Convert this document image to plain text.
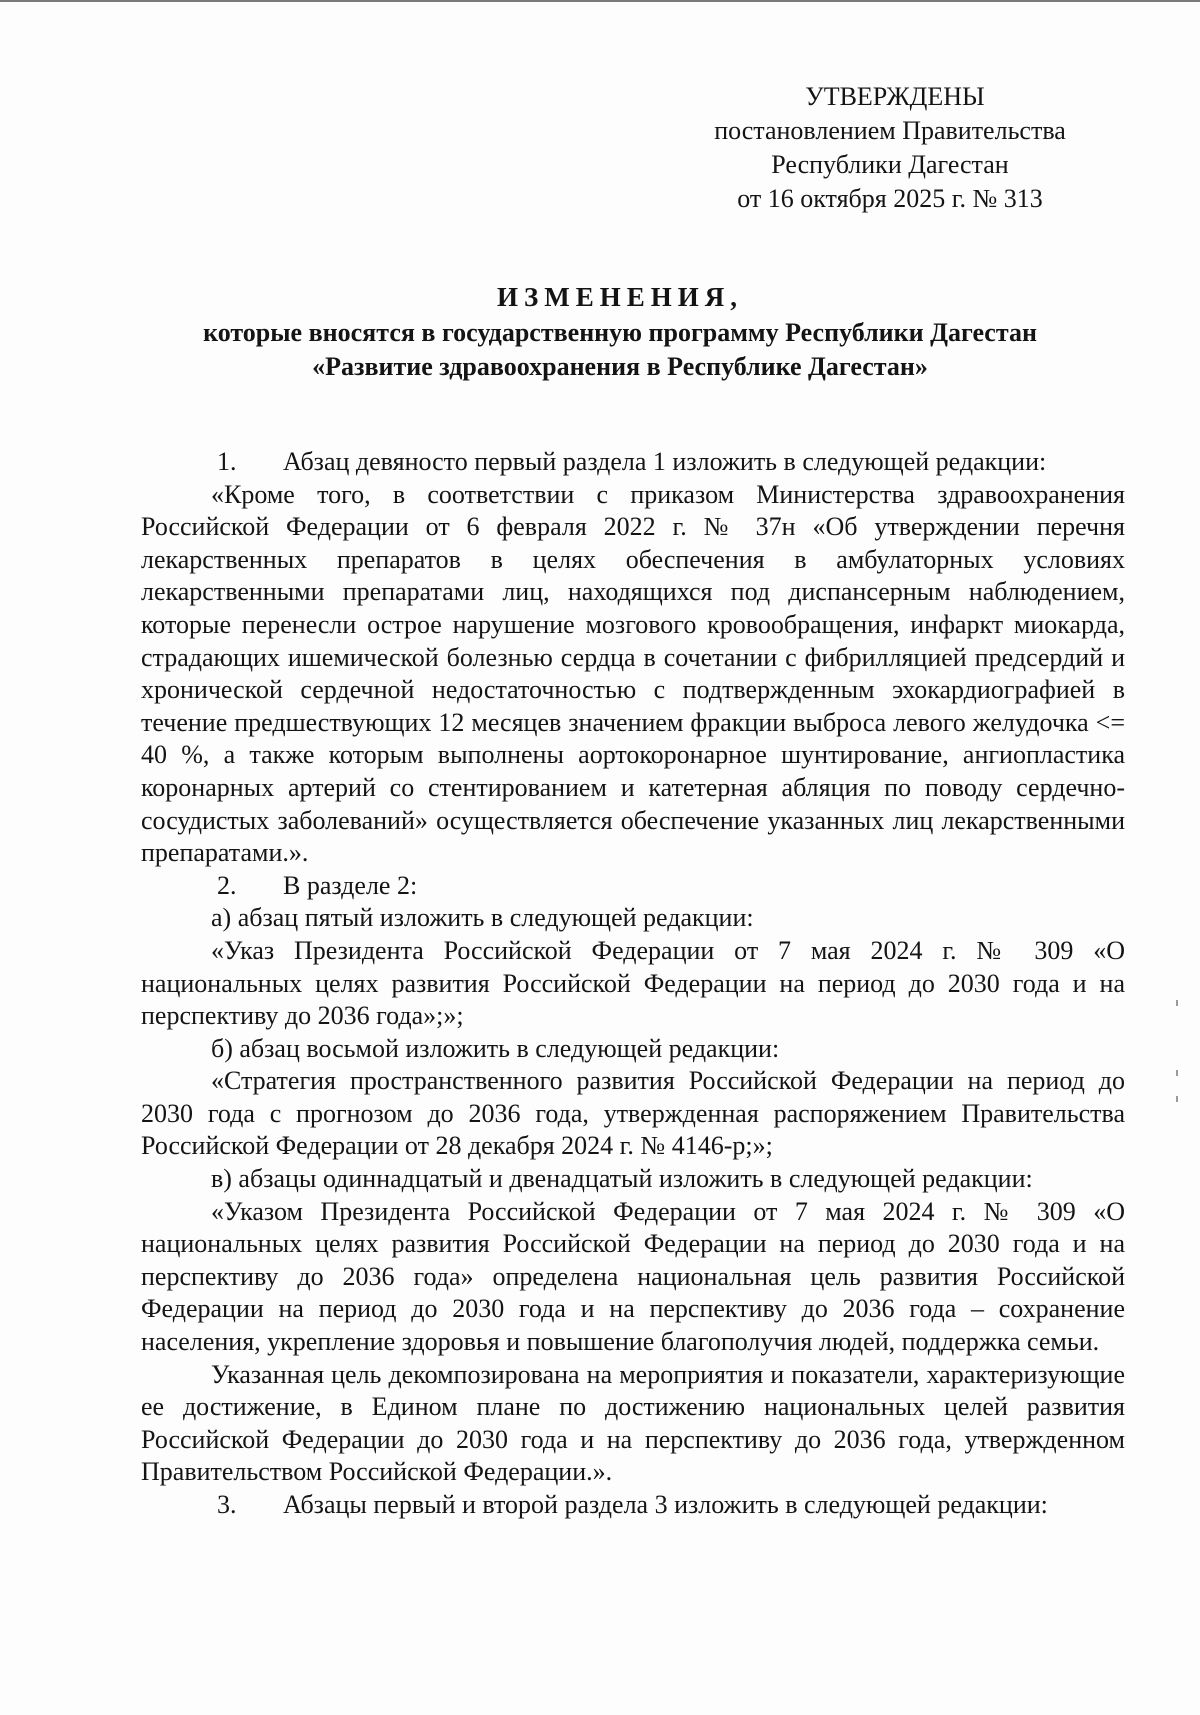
УТВЕРЖДЕНЫ
постановлением Правительства
Республики Дагестан
от 16 октября 2025 г. № 313
ИЗМЕНЕНИЯ,
которые вносятся в государственную программу Республики Дагестан
«Развитие здравоохранения в Республике Дагестан»

1. Абзац девяносто первый раздела 1 изложить в следующей редакции:

«Кроме того, в соответствии с приказом Министерства здравоохранения Российской Федерации от 6 февраля 2022 г. № 37н «Об утверждении перечня лекарственных препаратов в целях обеспечения в амбулаторных условиях лекарственными препаратами лиц, находящихся под диспансерным наблюдением, которые перенесли острое нарушение мозгового кровообращения, инфаркт миокарда, страдающих ишемической болезнью сердца в сочетании с фибрилляцией предсердий и хронической сердечной недостаточностью с подтвержденным эхокардиографией в течение предшествующих 12 месяцев значением фракции выброса левого желудочка <= 40 %, а также которым выполнены аортокоронарное шунтирование, ангиопластика коронарных артерий со стентированием и катетерная абляция по поводу сердечно-сосудистых заболеваний» осуществляется обеспечение указанных лиц лекарственными препаратами.».

2. В разделе 2:

а) абзац пятый изложить в следующей редакции:

«Указ Президента Российской Федерации от 7 мая 2024 г. № 309 «О национальных целях развития Российской Федерации на период до 2030 года и на перспективу до 2036 года»;»;

б) абзац восьмой изложить в следующей редакции:

«Стратегия пространственного развития Российской Федерации на период до 2030 года с прогнозом до 2036 года, утвержденная распоряжением Правительства Российской Федерации от 28 декабря 2024 г. № 4146-р;»;

в) абзацы одиннадцатый и двенадцатый изложить в следующей редакции:

«Указом Президента Российской Федерации от 7 мая 2024 г. № 309 «О национальных целях развития Российской Федерации на период до 2030 года и на перспективу до 2036 года» определена национальная цель развития Российской Федерации на период до 2030 года и на перспективу до 2036 года – сохранение населения, укрепление здоровья и повышение благополучия людей, поддержка семьи.

Указанная цель декомпозирована на мероприятия и показатели, характеризующие ее достижение, в Едином плане по достижению национальных целей развития Российской Федерации до 2030 года и на перспективу до 2036 года, утвержденном Правительством Российской Федерации.».

3. Абзацы первый и второй раздела 3 изложить в следующей редакции:
